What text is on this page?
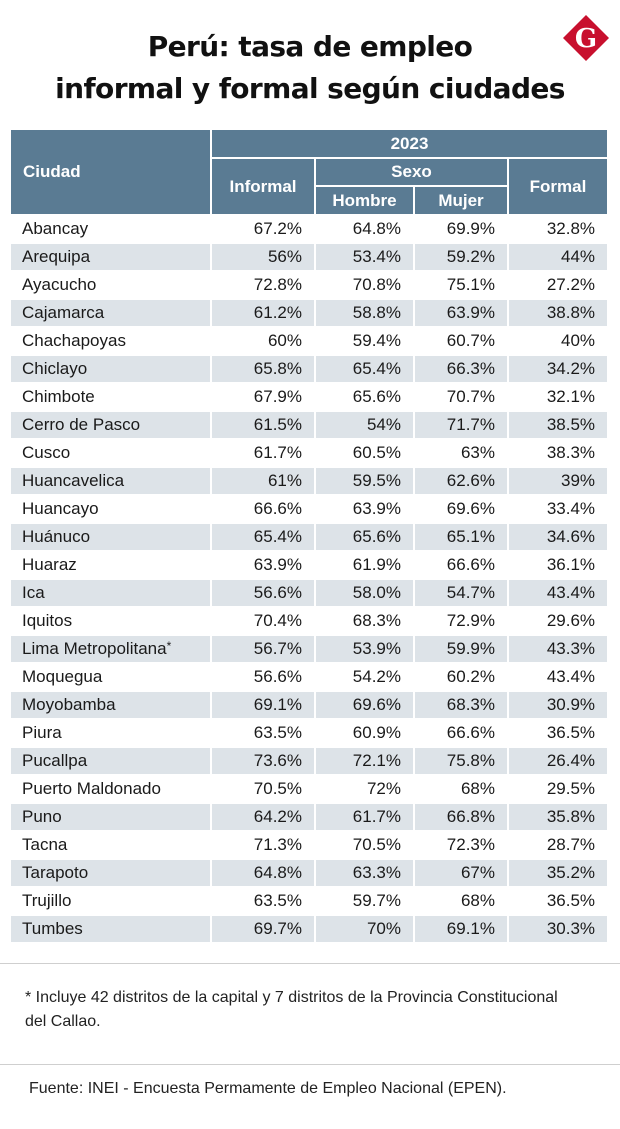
Perú: tasa de empleo
informal y formal según ciudades
G
Ciudad	2023			
	Informal	Sexo		Formal
		Hombre	Mujer	
Abancay	67.2%	64.8%	69.9%	32.8%
Arequipa	56%	53.4%	59.2%	44%
Ayacucho	72.8%	70.8%	75.1%	27.2%
Cajamarca	61.2%	58.8%	63.9%	38.8%
Chachapoyas	60%	59.4%	60.7%	40%
Chiclayo	65.8%	65.4%	66.3%	34.2%
Chimbote	67.9%	65.6%	70.7%	32.1%
Cerro de Pasco	61.5%	54%	71.7%	38.5%
Cusco	61.7%	60.5%	63%	38.3%
Huancavelica	61%	59.5%	62.6%	39%
Huancayo	66.6%	63.9%	69.6%	33.4%
Huánuco	65.4%	65.6%	65.1%	34.6%
Huaraz	63.9%	61.9%	66.6%	36.1%
Ica	56.6%	58.0%	54.7%	43.4%
Iquitos	70.4%	68.3%	72.9%	29.6%
Lima Metropolitana*	56.7%	53.9%	59.9%	43.3%
Moquegua	56.6%	54.2%	60.2%	43.4%
Moyobamba	69.1%	69.6%	68.3%	30.9%
Piura	63.5%	60.9%	66.6%	36.5%
Pucallpa	73.6%	72.1%	75.8%	26.4%
Puerto Maldonado	70.5%	72%	68%	29.5%
Puno	64.2%	61.7%	66.8%	35.8%
Tacna	71.3%	70.5%	72.3%	28.7%
Tarapoto	64.8%	63.3%	67%	35.2%
Trujillo	63.5%	59.7%	68%	36.5%
Tumbes	69.7%	70%	69.1%	30.3%
* Incluye 42 distritos de la capital y 7 distritos de la Provincia Constitucional del Callao.
Fuente: INEI - Encuesta Permamente de Empleo Nacional (EPEN).
